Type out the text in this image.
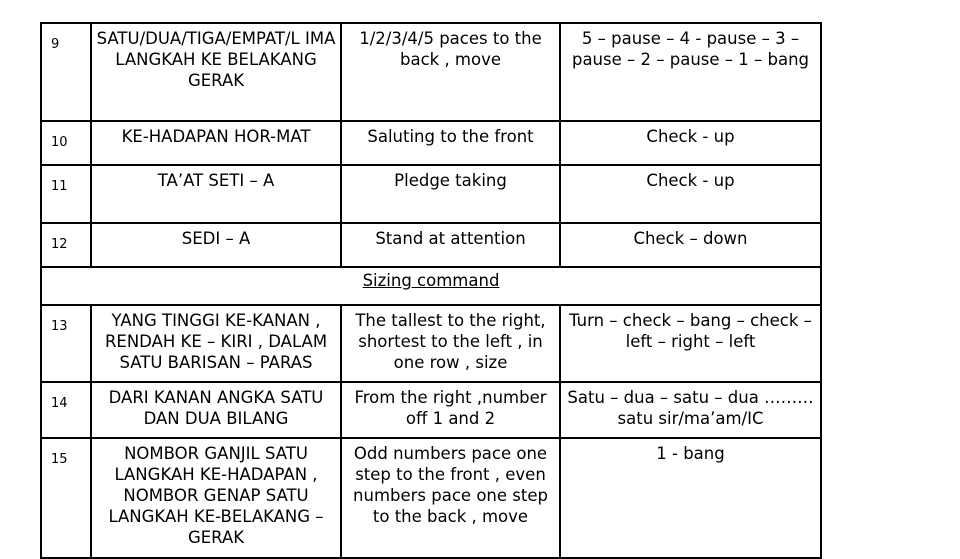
9	SATU/DUA/TIGA/EMPAT/L IMA LANGKAH KE BELAKANG GERAK	1/2/3/4/5 paces to the back , move	5 – pause – 4 - pause – 3 – pause – 2 – pause – 1 – bang
10	KE-HADAPAN HOR-MAT	Saluting to the front	Check - up
11	TA’AT SETI – A	Pledge taking	Check - up
12	SEDI – A	Stand at attention	Check – down
Sizing command			
13	YANG TINGGI KE-KANAN , RENDAH KE – KIRI , DALAM SATU BARISAN – PARAS	The tallest to the right, shortest to the left , in one row , size	Turn – check – bang – check – left – right – left
14	DARI KANAN ANGKA SATU DAN DUA BILANG	From the right ,number off 1 and 2	Satu – dua – satu – dua ……… satu sir/ma’am/IC
15	NOMBOR GANJIL SATU LANGKAH KE-HADAPAN , NOMBOR GENAP SATU LANGKAH KE-BELAKANG – GERAK	Odd numbers pace one step to the front , even numbers pace one step to the back , move	1 - bang
